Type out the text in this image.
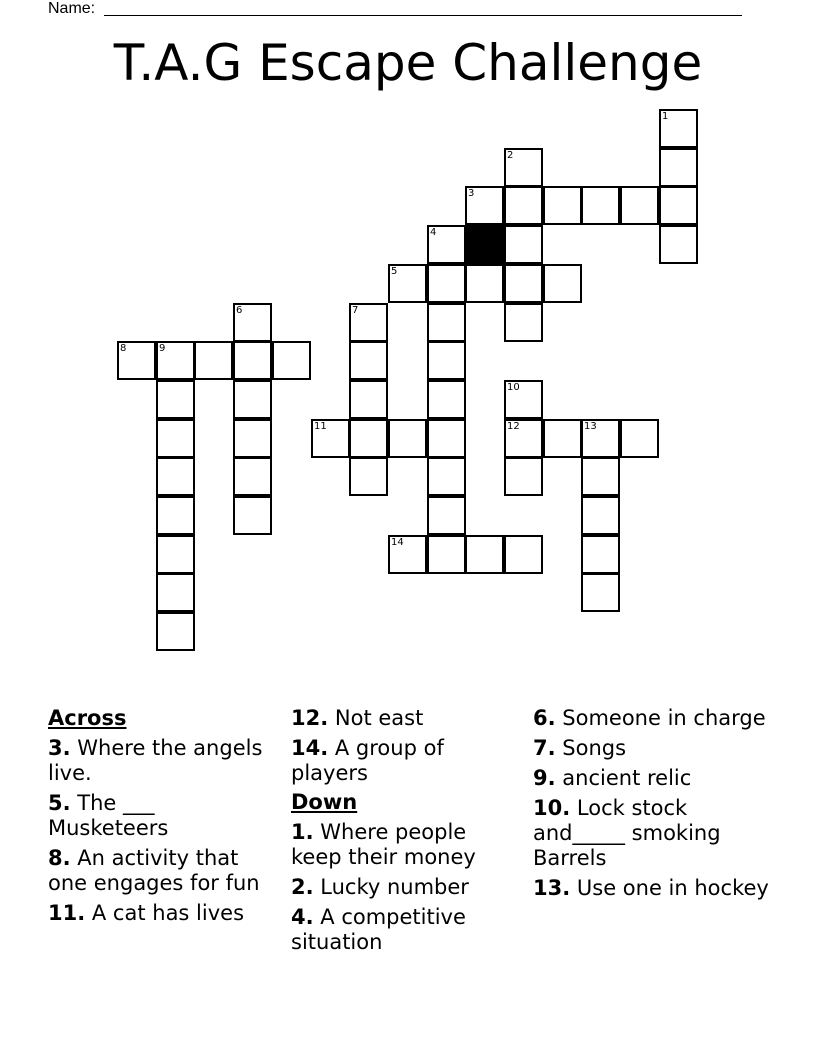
Name:
T.A.G Escape Challenge
1
2
3
4
5
6	7
8	9
10
12
11	13
14
Across
3. Where the angels live.
5. The ___ Musketeers
8. An activity that one engages for fun
11. A cat has lives
12. Not east
14. A group of players
Down
1. Where people keep their money
2. Lucky number
4. A competitive situation
6. Someone in charge
7. Songs
9. ancient relic
10. Lock stock and_____ smoking Barrels
13. Use one in hockey
